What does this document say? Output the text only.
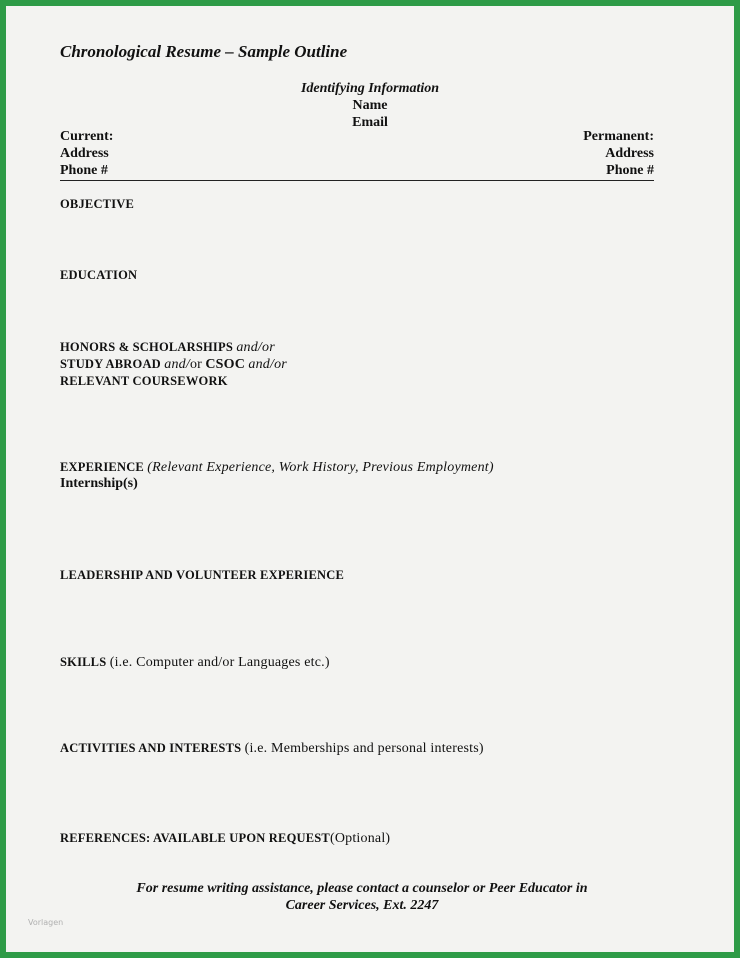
Chronological Resume – Sample Outline
Identifying Information
Name
Email
Current:
Address
Phone #
Permanent:
Address
Phone #
OBJECTIVE
EDUCATION
HONORS & SCHOLARSHIPS and/or
STUDY ABROAD and/or CSOC and/or
RELEVANT COURSEWORK
EXPERIENCE (Relevant Experience, Work History, Previous Employment)
Internship(s)
LEADERSHIP AND VOLUNTEER EXPERIENCE
SKILLS (i.e. Computer and/or Languages etc.)
ACTIVITIES AND INTERESTS (i.e. Memberships and personal interests)
REFERENCES: AVAILABLE UPON REQUEST(Optional)
For resume writing assistance, please contact a counselor or Peer Educator in
Career Services, Ext. 2247
Vorlagen
